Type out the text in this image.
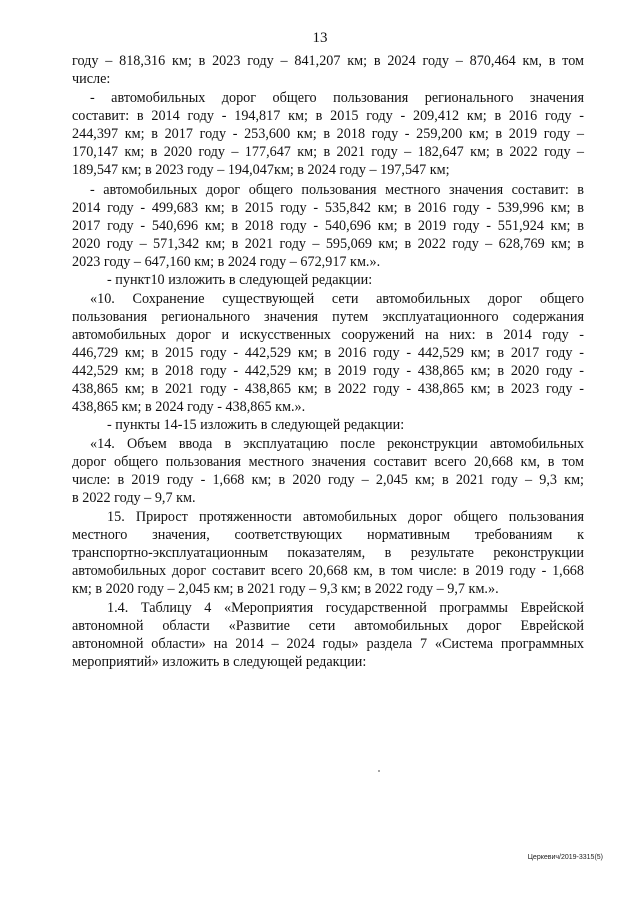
13
году – 818,316 км; в 2023 году – 841,207 км; в 2024 году – 870,464 км, в том
числе:
- автомобильных дорог общего пользования регионального значения
составит: в 2014 году - 194,817 км; в 2015 году - 209,412 км; в 2016 году -
244,397 км; в 2017 году - 253,600 км; в 2018 году - 259,200 км; в 2019 году –
170,147 км; в 2020 году – 177,647 км; в 2021 году – 182,647 км; в 2022 году –
189,547 км; в 2023 году – 194,047км; в 2024 году – 197,547 км;
- автомобильных дорог общего пользования местного значения составит: в
2014 году - 499,683 км; в 2015 году - 535,842 км; в 2016 году - 539,996 км; в
2017 году - 540,696 км; в 2018 году - 540,696 км; в 2019 году - 551,924 км; в
2020 году – 571,342 км; в 2021 году – 595,069 км; в 2022 году – 628,769 км; в
2023 году – 647,160 км; в 2024 году – 672,917 км.».
- пункт10 изложить в следующей редакции:
«10. Сохранение существующей сети автомобильных дорог общего
пользования регионального значения путем эксплуатационного содержания
автомобильных дорог и искусственных сооружений на них: в 2014 году -
446,729 км; в 2015 году - 442,529 км; в 2016 году - 442,529 км; в 2017 году -
442,529 км; в 2018 году - 442,529 км; в 2019 году - 438,865 км; в 2020 году -
438,865 км; в 2021 году - 438,865 км; в 2022 году - 438,865 км; в 2023 году -
438,865 км; в 2024 году - 438,865 км.».
- пункты 14-15 изложить в следующей редакции:
«14. Объем ввода в эксплуатацию после реконструкции автомобильных
дорог общего пользования местного значения составит всего 20,668 км, в том
числе: в 2019 году - 1,668 км; в 2020 году – 2,045 км; в 2021 году – 9,3 км;
в 2022 году – 9,7 км.
15. Прирост протяженности автомобильных дорог общего пользования
местного значения, соответствующих нормативным требованиям к
транспортно-эксплуатационным показателям, в результате реконструкции
автомобильных дорог составит всего 20,668 км, в том числе: в 2019 году - 1,668
км; в 2020 году – 2,045 км; в 2021 году – 9,3 км; в 2022 году – 9,7 км.».
1.4. Таблицу 4 «Мероприятия государственной программы Еврейской
автономной области «Развитие сети автомобильных дорог Еврейской
автономной области» на 2014 – 2024 годы» раздела 7 «Система программных
мероприятий» изложить в следующей редакции:
Церкевич/2019-3315(5)
